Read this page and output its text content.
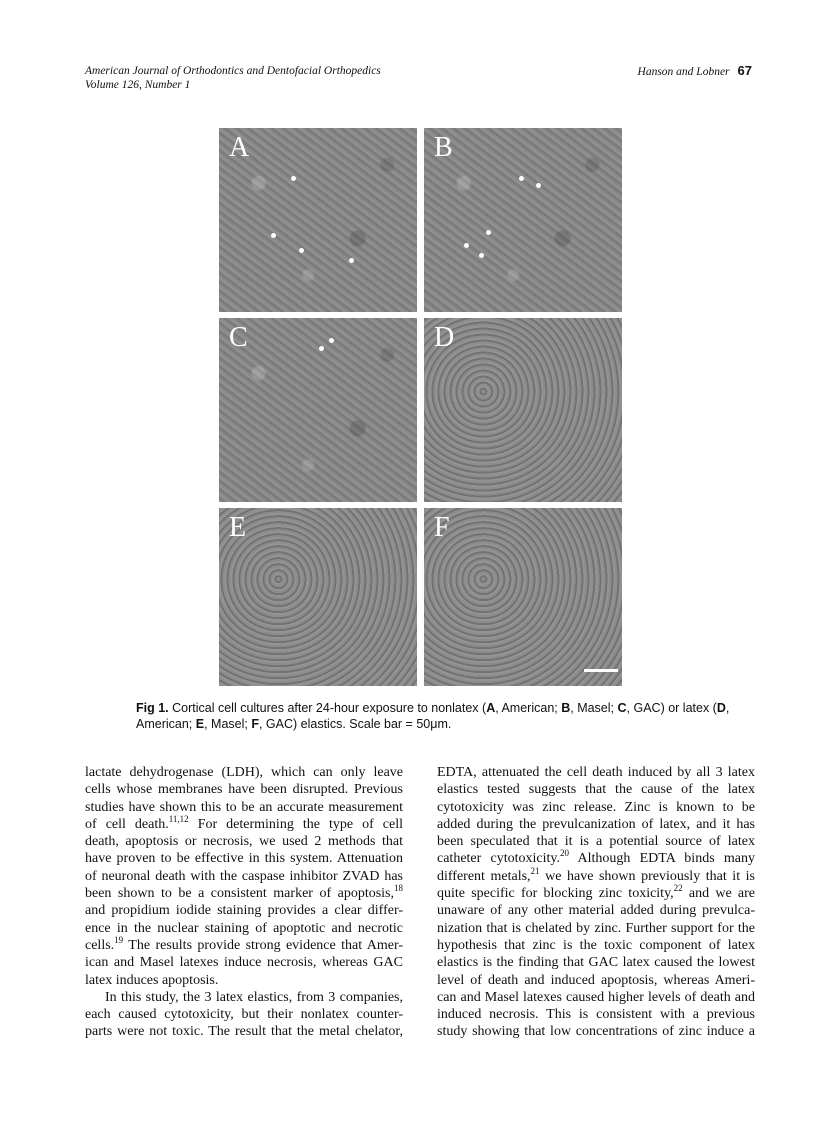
American Journal of Orthodontics and Dentofacial Orthopedics
Volume 126, Number 1
Hanson and Lobner 67
A	B
C	D
E	F
Fig 1. Cortical cell cultures after 24-hour exposure to nonlatex (A, American; B, Masel; C, GAC) or latex (D, American; E, Masel; F, GAC) elastics. Scale bar = 50μm.
lactate dehydrogenase (LDH), which can only leave
cells whose membranes have been disrupted. Previous
studies have shown this to be an accurate measurement
of cell death.$^{11,12}$ For determining the type of cell
death, apoptosis or necrosis, we used 2 methods that
have proven to be effective in this system. Attenuation
of neuronal death with the caspase inhibitor ZVAD has
been shown to be a consistent marker of apoptosis,$^{18}$
and propidium iodide staining provides a clear differ-
ence in the nuclear staining of apoptotic and necrotic
cells.$^{19}$ The results provide strong evidence that Amer-
ican and Masel latexes induce necrosis, whereas GAC
latex induces apoptosis.
In this study, the 3 latex elastics, from 3 companies,
each caused cytotoxicity, but their nonlatex counter-
parts were not toxic. The result that the metal chelator,
EDTA, attenuated the cell death induced by all 3 latex
elastics tested suggests that the cause of the latex
cytotoxicity was zinc release. Zinc is known to be
added during the prevulcanization of latex, and it has
been speculated that it is a potential source of latex
catheter cytotoxicity.$^{20}$ Although EDTA binds many
different metals,$^{21}$ we have shown previously that it is
quite specific for blocking zinc toxicity,$^{22}$ and we are
unaware of any other material added during prevulca-
nization that is chelated by zinc. Further support for the
hypothesis that zinc is the toxic component of latex
elastics is the finding that GAC latex caused the lowest
level of death and induced apoptosis, whereas Ameri-
can and Masel latexes caused higher levels of death and
induced necrosis. This is consistent with a previous
study showing that low concentrations of zinc induce a
